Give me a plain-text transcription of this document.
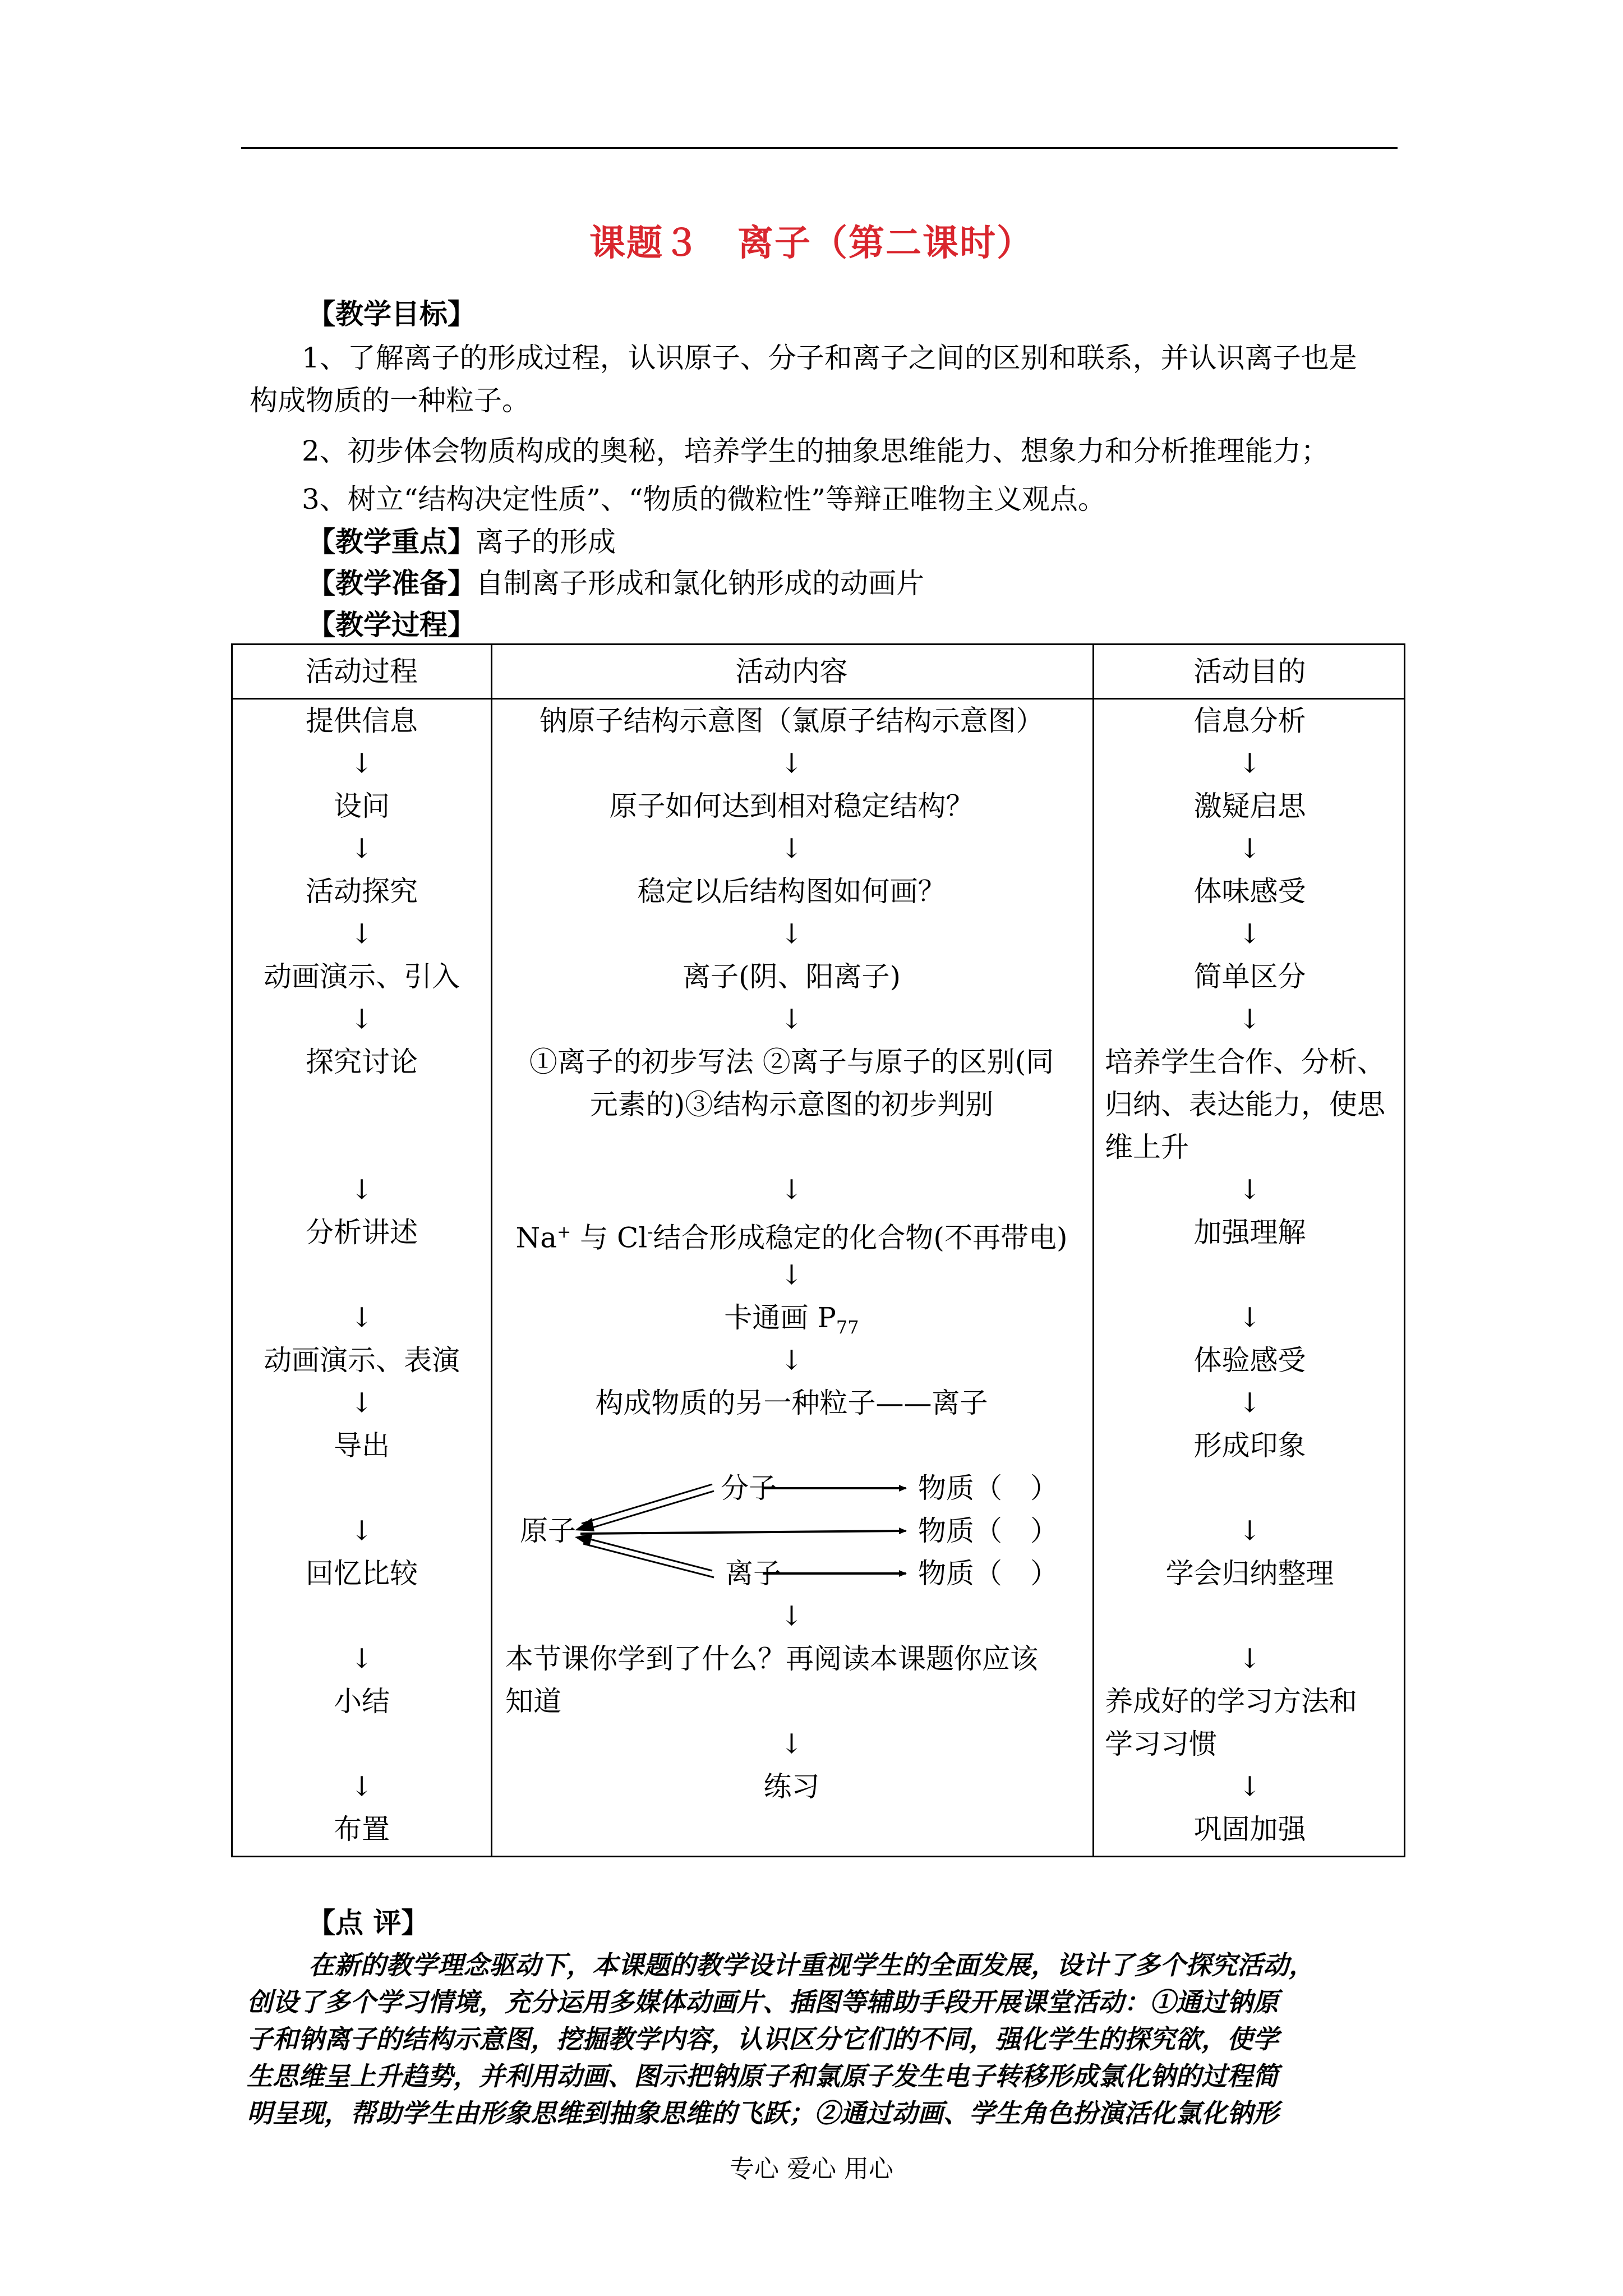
课题３　离子（第二课时）
【教学目标】
1、了解离子的形成过程，认识原子、分子和离子之间的区别和联系，并认识离子也是
构成物质的一种粒子。
2、初步体会物质构成的奥秘，培养学生的抽象思维能力、想象力和分析推理能力；
3、树立“结构决定性质”、“物质的微粒性”等辩正唯物主义观点。
【教学重点】离子的形成
【教学准备】自制离子形成和氯化钠形成的动画片
【教学过程】
活动过程	活动内容	活动目的
提供信息
↓
设问
↓
活动探究
↓
动画演示、引入
↓
探究讨论
↓
分析讲述
↓
动画演示、表演
↓
导出
↓
回忆比较
↓
小结
↓
布置
钠原子结构示意图（氯原子结构示意图）
↓
原子如何达到相对稳定结构？
↓
稳定以后结构图如何画？
↓
离子(阴、阳离子)
↓
①离子的初步写法 ②离子与原子的区别(同
元素的)③结构示意图的初步判别
↓
Na+ 与 Cl-结合形成稳定的化合物(不再带电)
↓
卡通画 $P_{77}$
↓
构成物质的另一种粒子——离子
原子
分子
离子
物质（　）
物质（　）
物质（　）
↓
本节课你学到了什么？再阅读本课题你应该
知道
↓
练习
信息分析
↓
激疑启思
↓
体味感受
↓
简单区分
↓
培养学生合作、分析、
归纳、表达能力，使思
维上升
↓
加强理解
↓
体验感受
↓
形成印象
↓
学会归纳整理
↓
养成好的学习方法和
学习习惯
↓
巩固加强
【点 评】
在新的教学理念驱动下，本课题的教学设计重视学生的全面发展，设计了多个探究活动，
创设了多个学习情境，充分运用多媒体动画片、插图等辅助手段开展课堂活动：①通过钠原
子和钠离子的结构示意图，挖掘教学内容，认识区分它们的不同，强化学生的探究欲，使学
生思维呈上升趋势，并利用动画、图示把钠原子和氯原子发生电子转移形成氯化钠的过程简
明呈现，帮助学生由形象思维到抽象思维的飞跃；②通过动画、学生角色扮演活化氯化钠形
专心 爱心 用心
